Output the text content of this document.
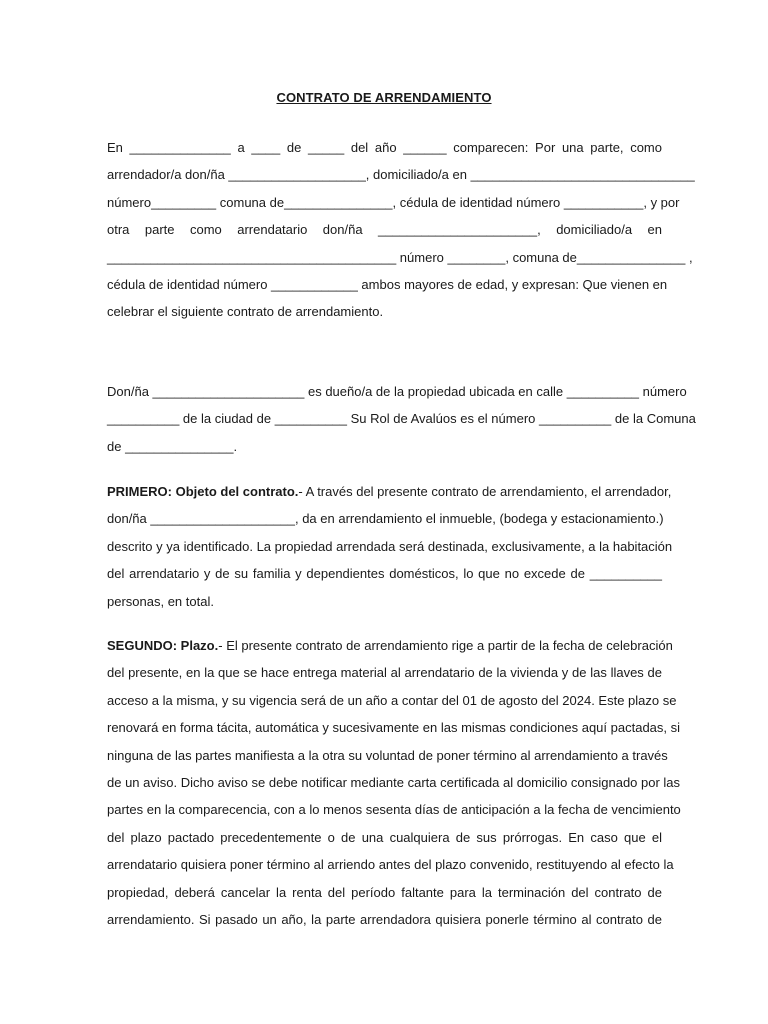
CONTRATO DE ARRENDAMIENTO
En ______________ a ____ de _____ del año ______ comparecen: Por una parte, como
arrendador/a don/ña ___________________, domiciliado/a en _______________________________
número_________ comuna de_______________, cédula de identidad número ___________, y por
otra parte como arrendatario don/ña ______________________, domiciliado/a en
________________________________________ número ________, comuna de_______________ ,
cédula de identidad número ____________ ambos mayores de edad, y expresan: Que vienen en
celebrar el siguiente contrato de arrendamiento.
Don/ña _____________________ es dueño/a de la propiedad ubicada en calle __________ número
__________ de la ciudad de __________ Su Rol de Avalúos es el número __________ de la Comuna
de _______________.
PRIMERO: Objeto del contrato.- A través del presente contrato de arrendamiento, el arrendador,
don/ña ____________________, da en arrendamiento el inmueble, (bodega y estacionamiento.)
descrito y ya identificado. La propiedad arrendada será destinada, exclusivamente, a la habitación
del arrendatario y de su familia y dependientes domésticos, lo que no excede de __________
personas, en total.
SEGUNDO: Plazo.- El presente contrato de arrendamiento rige a partir de la fecha de celebración
del presente, en la que se hace entrega material al arrendatario de la vivienda y de las llaves de
acceso a la misma, y su vigencia será de un año a contar del 01 de agosto del 2024. Este plazo se
renovará en forma tácita, automática y sucesivamente en las mismas condiciones aquí pactadas, si
ninguna de las partes manifiesta a la otra su voluntad de poner término al arrendamiento a través
de un aviso. Dicho aviso se debe notificar mediante carta certificada al domicilio consignado por las
partes en la comparecencia, con a lo menos sesenta días de anticipación a la fecha de vencimiento
del plazo pactado precedentemente o de una cualquiera de sus prórrogas. En caso que el
arrendatario quisiera poner término al arriendo antes del plazo convenido, restituyendo al efecto la
propiedad, deberá cancelar la renta del período faltante para la terminación del contrato de
arrendamiento. Si pasado un año, la parte arrendadora quisiera ponerle término al contrato de
